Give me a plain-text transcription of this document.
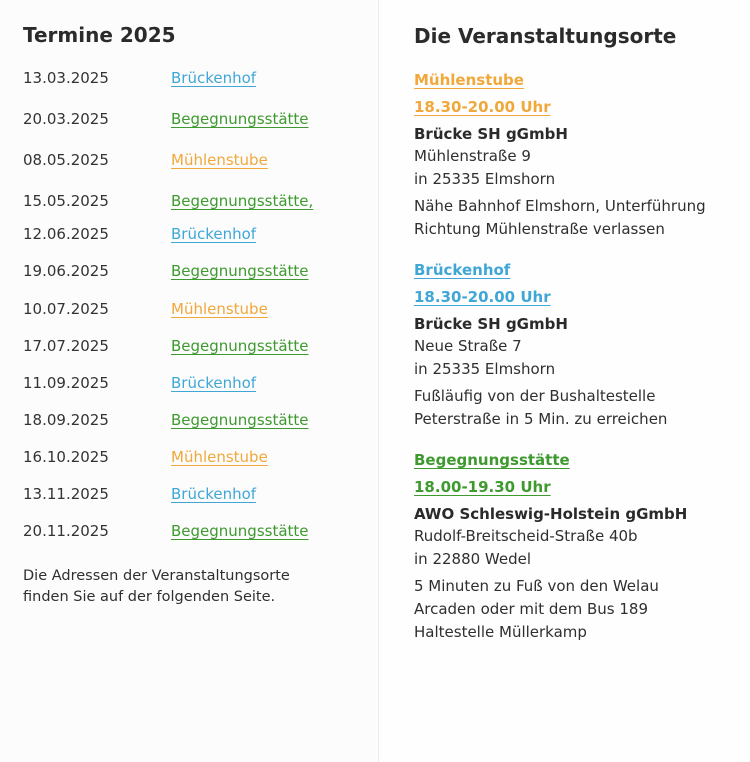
Termine 2025
13.03.2025	Brückenhof
20.03.2025	Begegnungsstätte
08.05.2025	Mühlenstube
15.05.2025	Begegnungsstätte,
12.06.2025	Brückenhof
19.06.2025	Begegnungsstätte
10.07.2025	Mühlenstube
17.07.2025	Begegnungsstätte
11.09.2025	Brückenhof
18.09.2025	Begegnungsstätte
16.10.2025	Mühlenstube
13.11.2025	Brückenhof
20.11.2025	Begegnungsstätte
Die Adressen der Veranstaltungsorte
finden Sie auf der folgenden Seite.
Die Veranstaltungsorte
Mühlenstube
18.30-20.00 Uhr
Brücke SH gGmbH
Mühlenstraße 9
in 25335 Elmshorn
Nähe Bahnhof Elmshorn, Unterführung
Richtung Mühlenstraße verlassen
Brückenhof
18.30-20.00 Uhr
Brücke SH gGmbH
Neue Straße 7
in 25335 Elmshorn
Fußläufig von der Bushaltestelle
Peterstraße in 5 Min. zu erreichen
Begegnungsstätte
18.00-19.30 Uhr
AWO Schleswig-Holstein gGmbH
Rudolf-Breitscheid-Straße 40b
in 22880 Wedel
5 Minuten zu Fuß von den Welau
Arcaden oder mit dem Bus 189
Haltestelle Müllerkamp
